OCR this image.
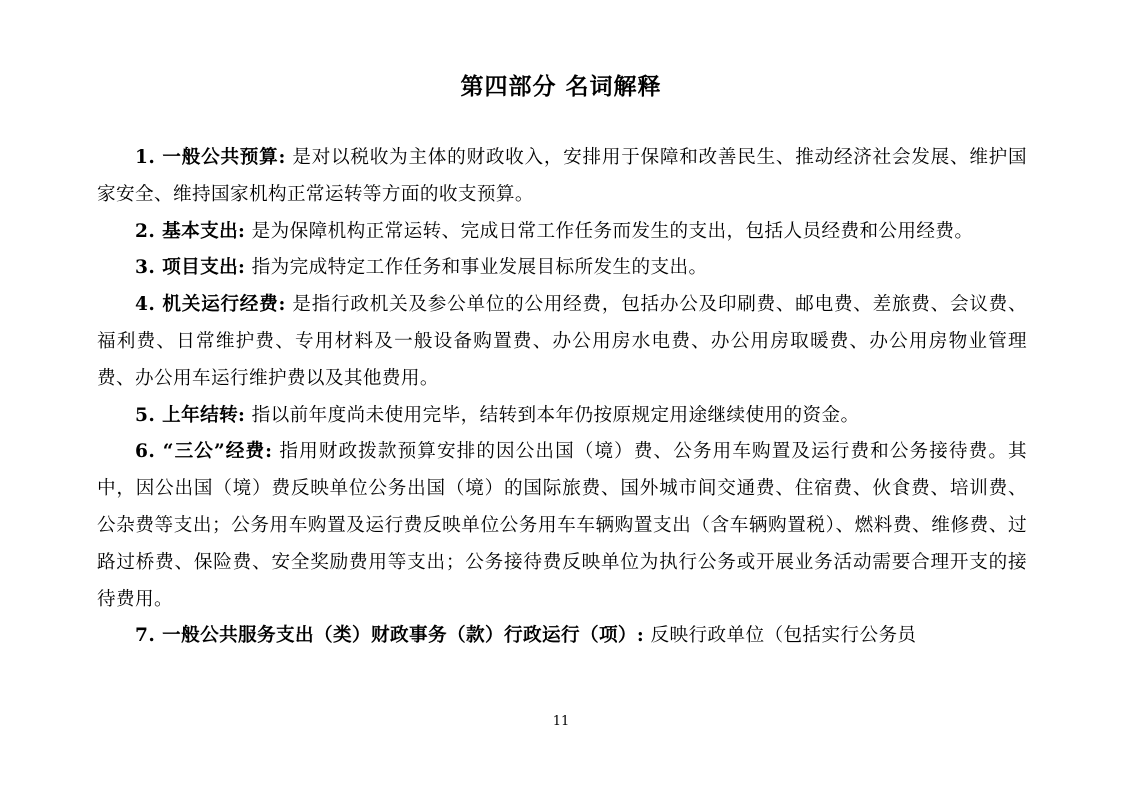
第四部分 名词解释

1. 一般公共预算: 是对以税收为主体的财政收入，安排用于保障和改善民生、推动经济社会发展、维护国家安全、维持国家机构正常运转等方面的收支预算。

2. 基本支出: 是为保障机构正常运转、完成日常工作任务而发生的支出，包括人员经费和公用经费。

3. 项目支出: 指为完成特定工作任务和事业发展目标所发生的支出。

4. 机关运行经费: 是指行政机关及参公单位的公用经费，包括办公及印刷费、邮电费、差旅费、会议费、福利费、日常维护费、专用材料及一般设备购置费、办公用房水电费、办公用房取暖费、办公用房物业管理费、办公用车运行维护费以及其他费用。

5. 上年结转: 指以前年度尚未使用完毕，结转到本年仍按原规定用途继续使用的资金。

6. “三公”经费: 指用财政拨款预算安排的因公出国（境）费、公务用车购置及运行费和公务接待费。其中，因公出国（境）费反映单位公务出国（境）的国际旅费、国外城市间交通费、住宿费、伙食费、培训费、公杂费等支出；公务用车购置及运行费反映单位公务用车车辆购置支出（含车辆购置税）、燃料费、维修费、过路过桥费、保险费、安全奖励费用等支出；公务接待费反映单位为执行公务或开展业务活动需要合理开支的接待费用。

7. 一般公共服务支出（类）财政事务（款）行政运行（项）: 反映行政单位（包括实行公务员

11
